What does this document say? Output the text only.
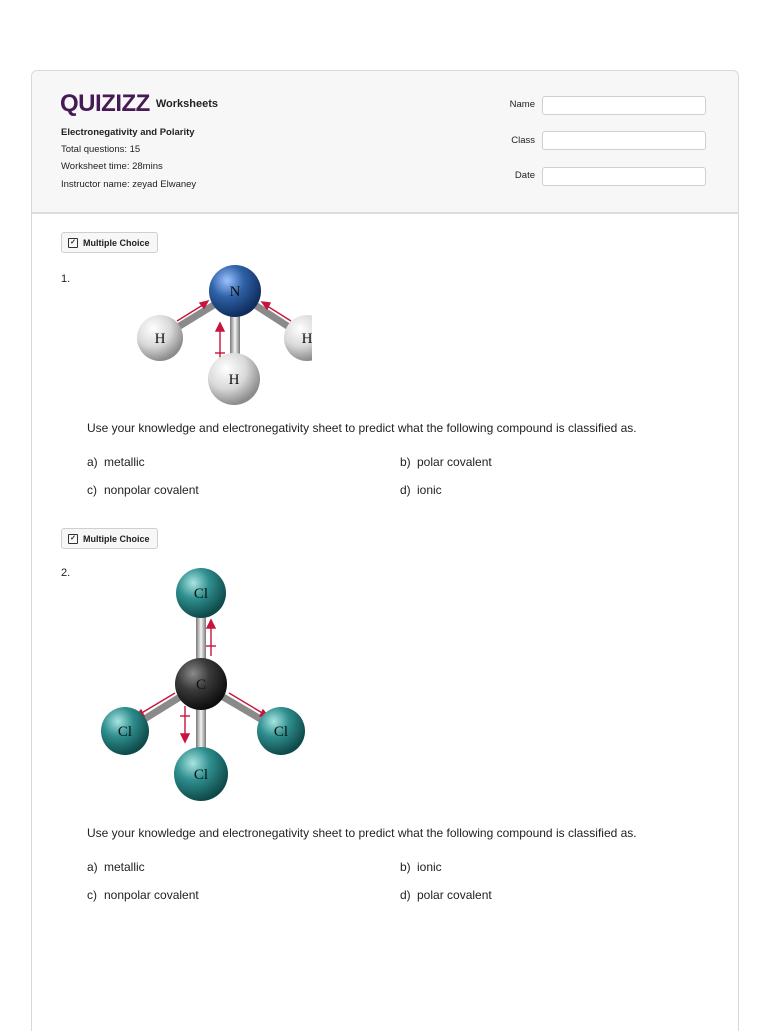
QUIZIZZ Worksheets
Electronegativity and Polarity
Total questions: 15
Worksheet time: 28mins
Instructor name: zeyad Elwaney
Name
Class
Date
✓ Multiple Choice
1.
N
H	H
H
Use your knowledge and electronegativity sheet to predict what the following compound is classified as.
a) metallic	b) polar covalent
c) nonpolar covalent	d) ionic
✓ Multiple Choice
2.
C
Cl
Cl	Cl
Cl
Use your knowledge and electronegativity sheet to predict what the following compound is classified as.
a) metallic	b) ionic
c) nonpolar covalent	d) polar covalent
